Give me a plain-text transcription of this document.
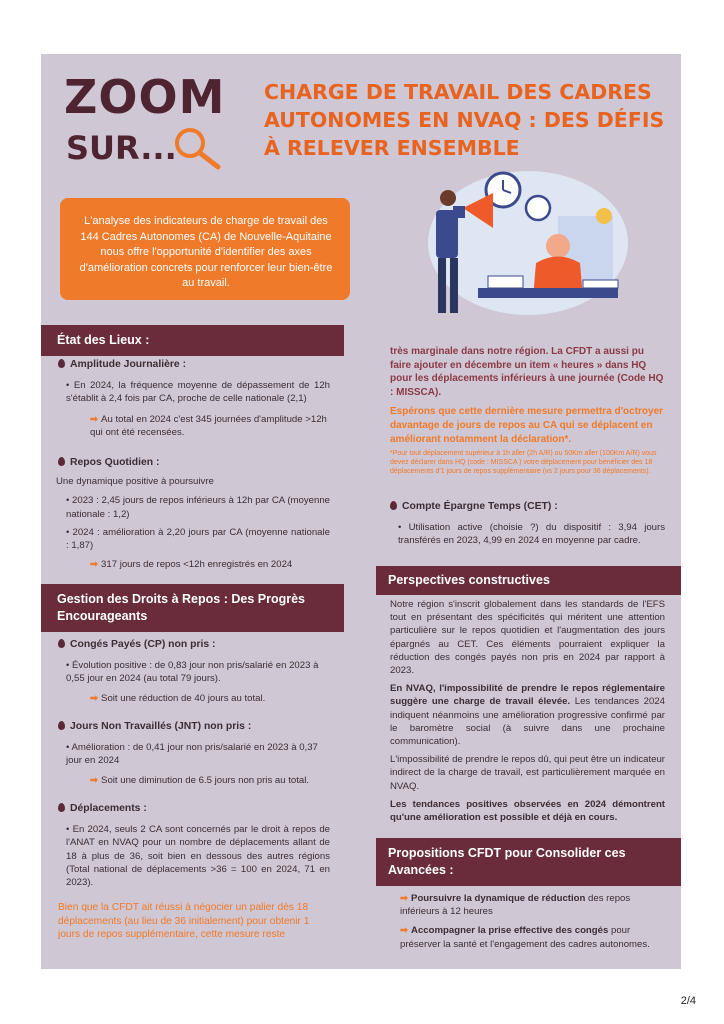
ZOOM
SUR...
CHARGE DE TRAVAIL DES CADRES AUTONOMES EN NVAQ : DES DÉFIS À RELEVER ENSEMBLE
L'analyse des indicateurs de charge de travail des 144 Cadres Autonomes (CA) de Nouvelle-Aquitaine nous offre l'opportunité d'identifier des axes d'amélioration concrets pour renforcer leur bien-être au travail.
État des Lieux :

Amplitude Journalière :

• En 2024, la fréquence moyenne de dépassement de 12h s'établit à 2,4 fois par CA, proche de celle nationale (2,1)

➡ Au total en 2024 c'est 345 journées d'amplitude >12h qui ont été recensées.

Repos Quotidien :

Une dynamique positive à poursuivre

• 2023 : 2,45 jours de repos inférieurs à 12h par CA (moyenne nationale : 1,2)

• 2024 : amélioration à 2,20 jours par CA (moyenne nationale : 1,87)

➡ 317 jours de repos <12h enregistrés en 2024

Gestion des Droits à Repos : Des Progrès Encourageants

Congés Payés (CP) non pris :

• Évolution positive : de 0,83 jour non pris/salarié en 2023 à 0,55 jour en 2024 (au total 79 jours).

➡ Soit une réduction de 40 jours au total.

Jours Non Travaillés (JNT) non pris :

• Amélioration : de 0,41 jour non pris/salarié en 2023 à 0,37 jour en 2024

➡ Soit une diminution de 6.5 jours non pris au total.

Déplacements :

• En 2024, seuls 2 CA sont concernés par le droit à repos de l'ANAT en NVAQ pour un nombre de déplacements allant de 18 à plus de 36, soit bien en dessous des autres régions (Total national de déplacements >36 = 100 en 2024, 71 en 2023).

Bien que la CFDT ait réussi à négocier un palier dès 18 déplacements (au lieu de 36 initialement) pour obtenir 1 jours de repos supplémentaire, cette mesure reste

très marginale dans notre région. La CFDT a aussi pu faire ajouter en décembre un item « heures » dans HQ pour les déplacements inférieurs à une journée (Code HQ : MISSCA).

Espérons que cette dernière mesure permettra d'octroyer davantage de jours de repos au CA qui se déplacent en améliorant notamment la déclaration*.

*Pour tout déplacement supérieur à 1h aller (2h A/R) ou 50Km aller (100Km A/R) vous devez déclarer dans HQ (code : MISSCA ) votre déplacement pour bénéficier des 18 déplacements d'1 jours de repos supplémentaire (vs 2 jours pour 36 déplacements).

Compte Épargne Temps (CET) :

• Utilisation active (choisie ?) du dispositif : 3,94 jours transférés en 2023, 4,99 en 2024 en moyenne par cadre.

Perspectives constructives

Notre région s'inscrit globalement dans les standards de l'EFS tout en présentant des spécificités qui méritent une attention particulière sur le repos quotidien et l'augmentation des jours épargnés au CET. Ces éléments pourraient expliquer la réduction des congés payés non pris en 2024 par rapport à 2023.

En NVAQ, l'impossibilité de prendre le repos réglementaire suggère une charge de travail élevée. Les tendances 2024 indiquent néanmoins une amélioration progressive confirmé par le baromètre social (à suivre dans une prochaine communication).

L'impossibilité de prendre le repos dû, qui peut être un indicateur indirect de la charge de travail, est particulièrement marquée en NVAQ.

Les tendances positives observées en 2024 démontrent qu'une amélioration est possible et déjà en cours.

Propositions CFDT pour Consolider ces Avancées :

➡ Poursuivre la dynamique de réduction des repos inférieurs à 12 heures

➡ Accompagner la prise effective des congés pour préserver la santé et l'engagement des cadres autonomes.

2/4
